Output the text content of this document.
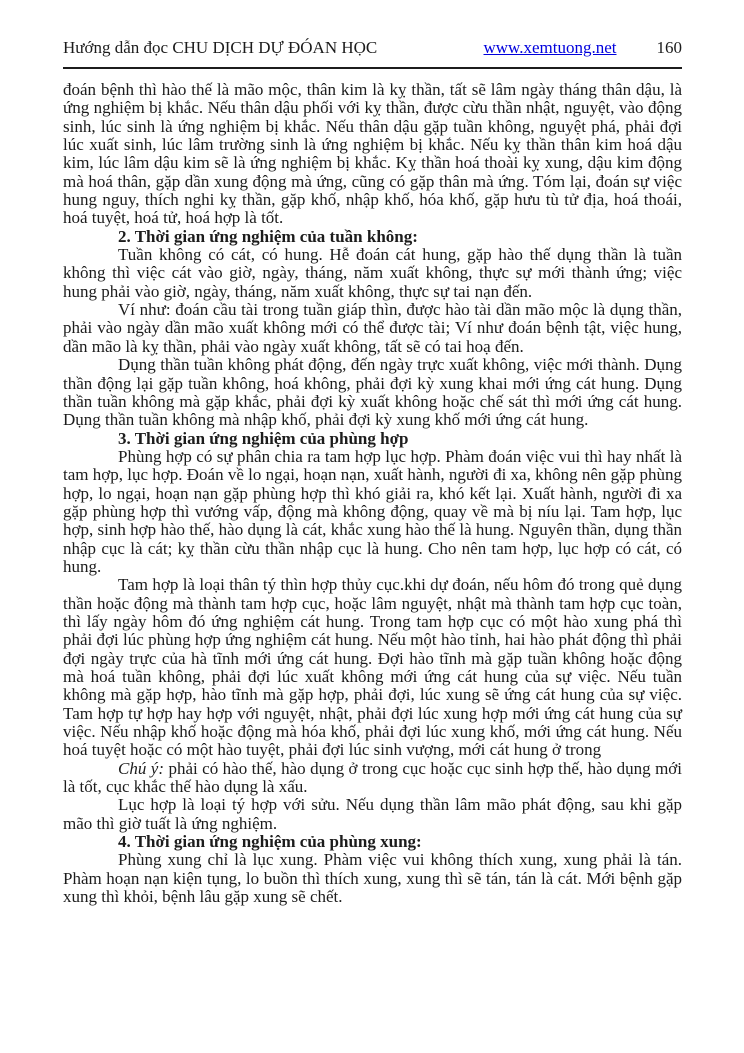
Hướng dẫn đọc CHU DỊCH DỰ ĐÓAN HỌC	www.xemtuong.net 160

đoán bệnh thì hào thế là mão mộc, thân kim là kỵ thần, tất sẽ lâm ngày tháng thân dậu, là ứng nghiệm bị khắc. Nếu thân dậu phối với kỵ thần, được cừu thần nhật, nguyệt, vào động sinh, lúc sinh là ứng nghiệm bị khắc. Nếu thân dậu gặp tuần không, nguyệt phá, phải đợi lúc xuất sinh, lúc lâm trường sinh là ứng nghiệm bị khắc. Nếu kỵ thần thân kim hoá dậu kim, lúc lâm dậu kim sẽ là ứng nghiệm bị khắc. Kỵ thần hoá thoài kỵ xung, dậu kim động mà hoá thân, gặp dần xung động mà ứng, cũng có gặp thân mà ứng. Tóm lại, đoán sự việc hung nguy, thích nghi kỵ thần, gặp khố, nhập khố, hóa khố, gặp hưu tù tử địa, hoá thoái, hoá tuyệt, hoá tử, hoá hợp là tốt.

2. Thời gian ứng nghiệm của tuần không:

Tuần không có cát, có hung. Hễ đoán cát hung, gặp hào thế dụng thần là tuần không thì việc cát vào giờ, ngày, tháng, năm xuất không, thực sự mới thành ứng; việc hung phải vào giờ, ngày, tháng, năm xuất không, thực sự tai nạn đến.

Ví như: đoán cầu tài trong tuần giáp thìn, được hào tài dần mão mộc là dụng thần, phải vào ngày dần mão xuất không mới có thể được tài; Ví như đoán bệnh tật, việc hung, dần mão là kỵ thần, phải vào ngày xuất không, tất sẽ có tai hoạ đến.

Dụng thần tuần không phát động, đến ngày trực xuất không, việc mới thành. Dụng thần động lại gặp tuần không, hoá không, phải đợi kỳ xung khai mới ứng cát hung. Dụng thần tuần không mà gặp khắc, phải đợi kỳ xuất không hoặc chế sát thì mới ứng cát hung. Dụng thần tuần không mà nhập khố, phải đợi kỳ xung khố mới ứng cát hung.

3. Thời gian ứng nghiệm của phùng hợp

Phùng hợp có sự phân chia ra tam hợp lục hợp. Phàm đoán việc vui thì hay nhất là tam hợp, lục hợp. Đoán về lo ngại, hoạn nạn, xuất hành, người đi xa, không nên gặp phùng hợp, lo ngại, hoạn nạn gặp phùng hợp thì khó giải ra, khó kết lại. Xuất hành, người đi xa gặp phùng hợp thì vướng vấp, động mà không động, quay về mà bị níu lại. Tam hợp, lục hợp, sinh hợp hào thế, hào dụng là cát, khắc xung hào thế là hung. Nguyên thần, dụng thần nhập cục là cát; kỵ thần cừu thần nhập cục là hung. Cho nên tam hợp, lục hợp có cát, có hung.

Tam hợp là loại thân tý thìn hợp thủy cục.khi dự đoán, nếu hôm đó trong quẻ dụng thần hoặc động mà thành tam hợp cục, hoặc lâm nguyệt, nhật mà thành tam hợp cục toàn, thì lấy ngày hôm đó ứng nghiệm cát hung. Trong tam hợp cục có một hào xung phá thì phải đợi lúc phùng hợp ứng nghiệm cát hung. Nếu một hào tỉnh, hai hào phát động thì phải đợi ngày trực của hà tĩnh mới ứng cát hung. Đợi hào tĩnh mà gặp tuần không hoặc động mà hoá tuần không, phải đợi lúc xuất không mới ứng cát hung của sự việc. Nếu tuần không mà gặp hợp, hào tĩnh mà gặp hợp, phải đợi, lúc xung sẽ ứng cát hung của sự việc. Tam hợp tự hợp hay hợp với nguyệt, nhật, phải đợi lúc xung hợp mới ứng cát hung của sự việc. Nếu nhập khố hoặc động mà hóa khố, phải đợi lúc xung khố, mới ứng cát hung. Nếu hoá tuyệt hoặc có một hào tuyệt, phải đợi lúc sinh vượng, mới cát hung ở trong

Chú ý: phải có hào thế, hào dụng ở trong cục hoặc cục sinh hợp thế, hào dụng mới là tốt, cục khắc thế hào dụng là xấu.

Lục hợp là loại tý hợp với sửu. Nếu dụng thần lâm mão phát động, sau khi gặp mão thì giờ tuất là ứng nghiệm.

4. Thời gian ứng nghiệm của phùng xung:

Phùng xung chỉ là lục xung. Phàm việc vui không thích xung, xung phải là tán. Phàm hoạn nạn kiện tụng, lo buồn thì thích xung, xung thì sẽ tán, tán là cát. Mới bệnh gặp xung thì khỏi, bệnh lâu gặp xung sẽ chết.
